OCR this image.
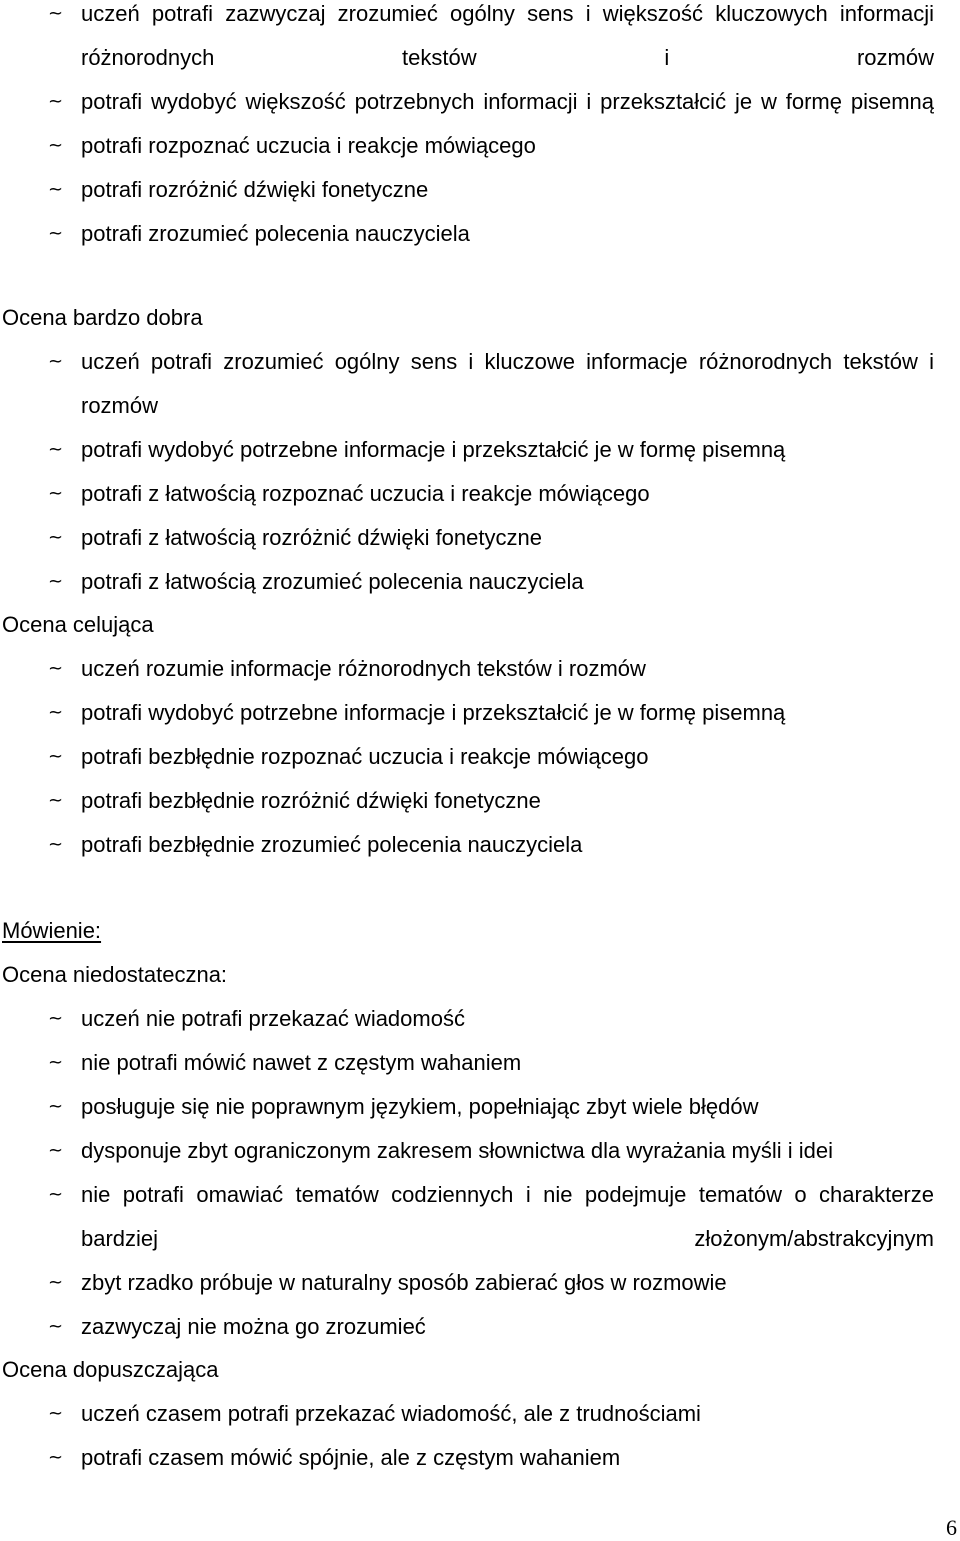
~ uczeń potrafi zazwyczaj zrozumieć ogólny sens i większość kluczowych informacji różnorodnych tekstów i rozmów
~ potrafi wydobyć większość potrzebnych informacji i przekształcić je w formę pisemną
~ potrafi rozpoznać uczucia i reakcje mówiącego
~ potrafi rozróżnić dźwięki fonetyczne
~ potrafi zrozumieć polecenia nauczyciela
Ocena bardzo dobra
~ uczeń potrafi zrozumieć ogólny sens i kluczowe informacje różnorodnych tekstów i rozmów
~ potrafi wydobyć potrzebne informacje i przekształcić je w formę pisemną
~ potrafi z łatwością rozpoznać uczucia i reakcje mówiącego
~ potrafi z łatwością rozróżnić dźwięki fonetyczne
~ potrafi z łatwością zrozumieć polecenia nauczyciela
Ocena celująca
~ uczeń rozumie informacje różnorodnych tekstów i rozmów
~ potrafi wydobyć potrzebne informacje i przekształcić je w formę pisemną
~ potrafi bezbłędnie rozpoznać uczucia i reakcje mówiącego
~ potrafi bezbłędnie rozróżnić dźwięki fonetyczne
~ potrafi bezbłędnie zrozumieć polecenia nauczyciela
Mówienie:
Ocena niedostateczna:
~ uczeń nie potrafi przekazać wiadomość
~ nie potrafi mówić nawet z częstym wahaniem
~ posługuje się nie poprawnym językiem, popełniając zbyt wiele błędów
~ dysponuje zbyt ograniczonym zakresem słownictwa dla wyrażania myśli i idei
~ nie potrafi omawiać tematów codziennych i nie podejmuje tematów o charakterze bardziej złożonym/abstrakcyjnym
~ zbyt rzadko próbuje w naturalny sposób zabierać głos w rozmowie
~ zazwyczaj nie można go zrozumieć
Ocena dopuszczająca
~ uczeń czasem potrafi przekazać wiadomość, ale z trudnościami
~ potrafi czasem mówić spójnie, ale z częstym wahaniem
6
